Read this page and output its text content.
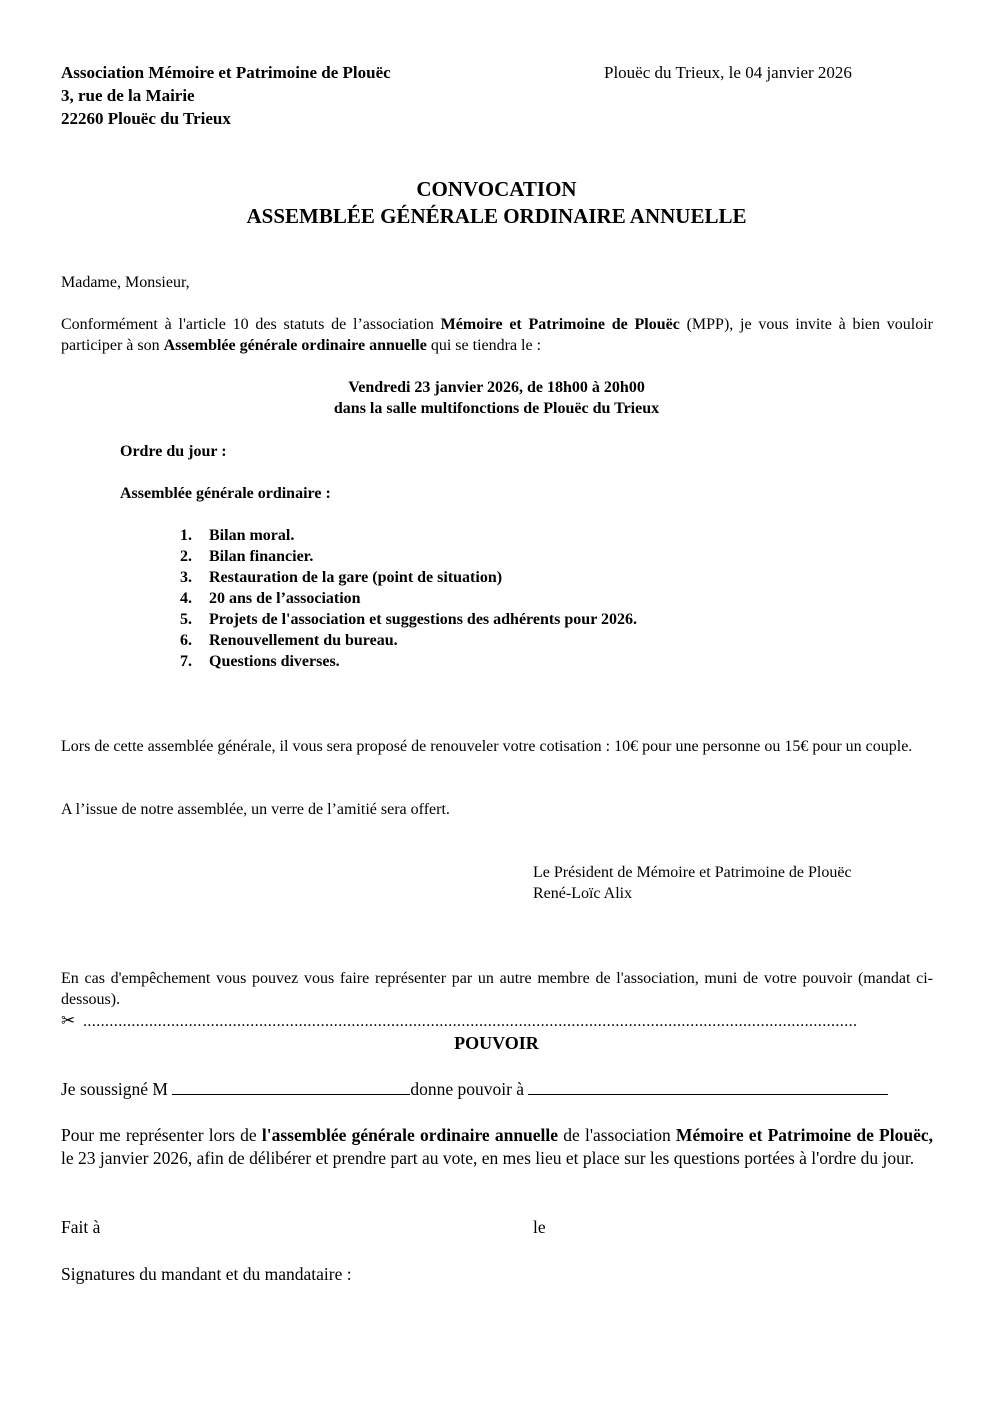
Association Mémoire et Patrimoine de Plouëc
3, rue de la Mairie
22260 Plouëc du Trieux
Plouëc du Trieux, le 04 janvier 2026
CONVOCATION
ASSEMBLÉE GÉNÉRALE ORDINAIRE ANNUELLE
Madame, Monsieur,
Conformément à l'article 10 des statuts de l’association Mémoire et Patrimoine de Plouëc (MPP), je vous invite à bien vouloir participer à son Assemblée générale ordinaire annuelle qui se tiendra le :
Vendredi 23 janvier 2026, de 18h00 à 20h00
dans la salle multifonctions de Plouëc du Trieux
Ordre du jour :
Assemblée générale ordinaire :
1. Bilan moral.
2. Bilan financier.
3. Restauration de la gare (point de situation)
4. 20 ans de l’association
5. Projets de l'association et suggestions des adhérents pour 2026.
6. Renouvellement du bureau.
7. Questions diverses.
Lors de cette assemblée générale, il vous sera proposé de renouveler votre cotisation : 10€ pour une personne ou 15€ pour un couple.
A l’issue de notre assemblée, un verre de l’amitié sera offert.
Le Président de Mémoire et Patrimoine de Plouëc
René-Loïc Alix
En cas d'empêchement vous pouvez vous faire représenter par un autre membre de l'association, muni de votre pouvoir (mandat ci-dessous).
✂ ................................................................................................................................................................................
POUVOIR
Je soussigné M	donne pouvoir à
Pour me représenter lors de l'assemblée générale ordinaire annuelle de l'association Mémoire et Patrimoine de Plouëc, le 23 janvier 2026, afin de délibérer et prendre part au vote, en mes lieu et place sur les questions portées à l'ordre du jour.
Fait à	le
Signatures du mandant et du mandataire :
